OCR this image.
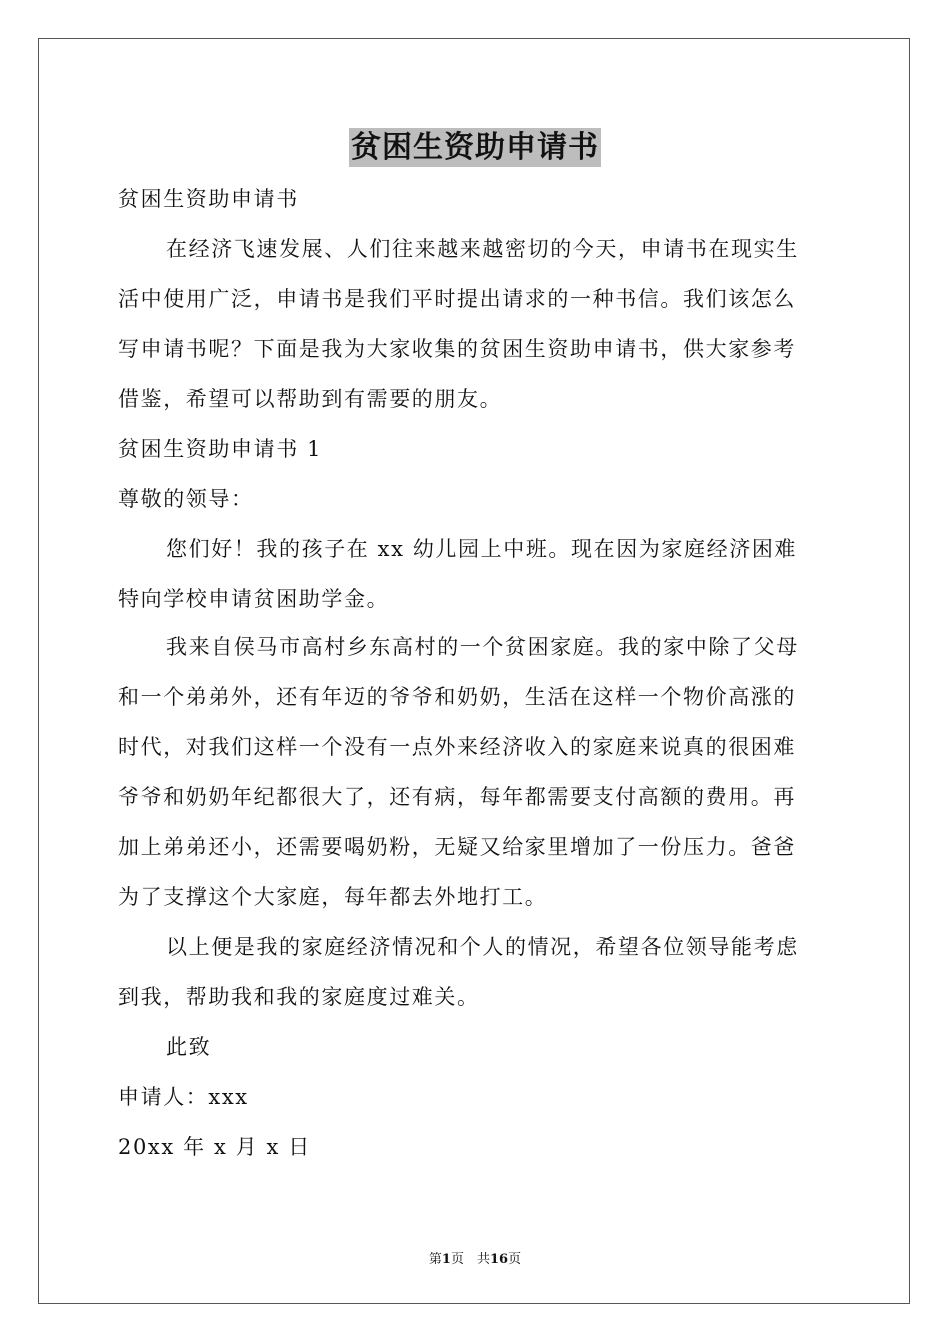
贫困生资助申请书
贫困生资助申请书
在经济飞速发展、人们往来越来越密切的今天，申请书在现实生
活中使用广泛，申请书是我们平时提出请求的一种书信。我们该怎么
写申请书呢？下面是我为大家收集的贫困生资助申请书，供大家参考
借鉴，希望可以帮助到有需要的朋友。
贫困生资助申请书 1
尊敬的领导：
您们好！我的孩子在 xx 幼儿园上中班。现在因为家庭经济困难
特向学校申请贫困助学金。
我来自侯马市高村乡东高村的一个贫困家庭。我的家中除了父母
和一个弟弟外，还有年迈的爷爷和奶奶，生活在这样一个物价高涨的
时代，对我们这样一个没有一点外来经济收入的家庭来说真的很困难
爷爷和奶奶年纪都很大了，还有病，每年都需要支付高额的费用。再
加上弟弟还小，还需要喝奶粉，无疑又给家里增加了一份压力。爸爸
为了支撑这个大家庭，每年都去外地打工。
以上便是我的家庭经济情况和个人的情况，希望各位领导能考虑
到我，帮助我和我的家庭度过难关。
此致
申请人：xxx
20xx 年 x 月 x 日
第1页　共16页
